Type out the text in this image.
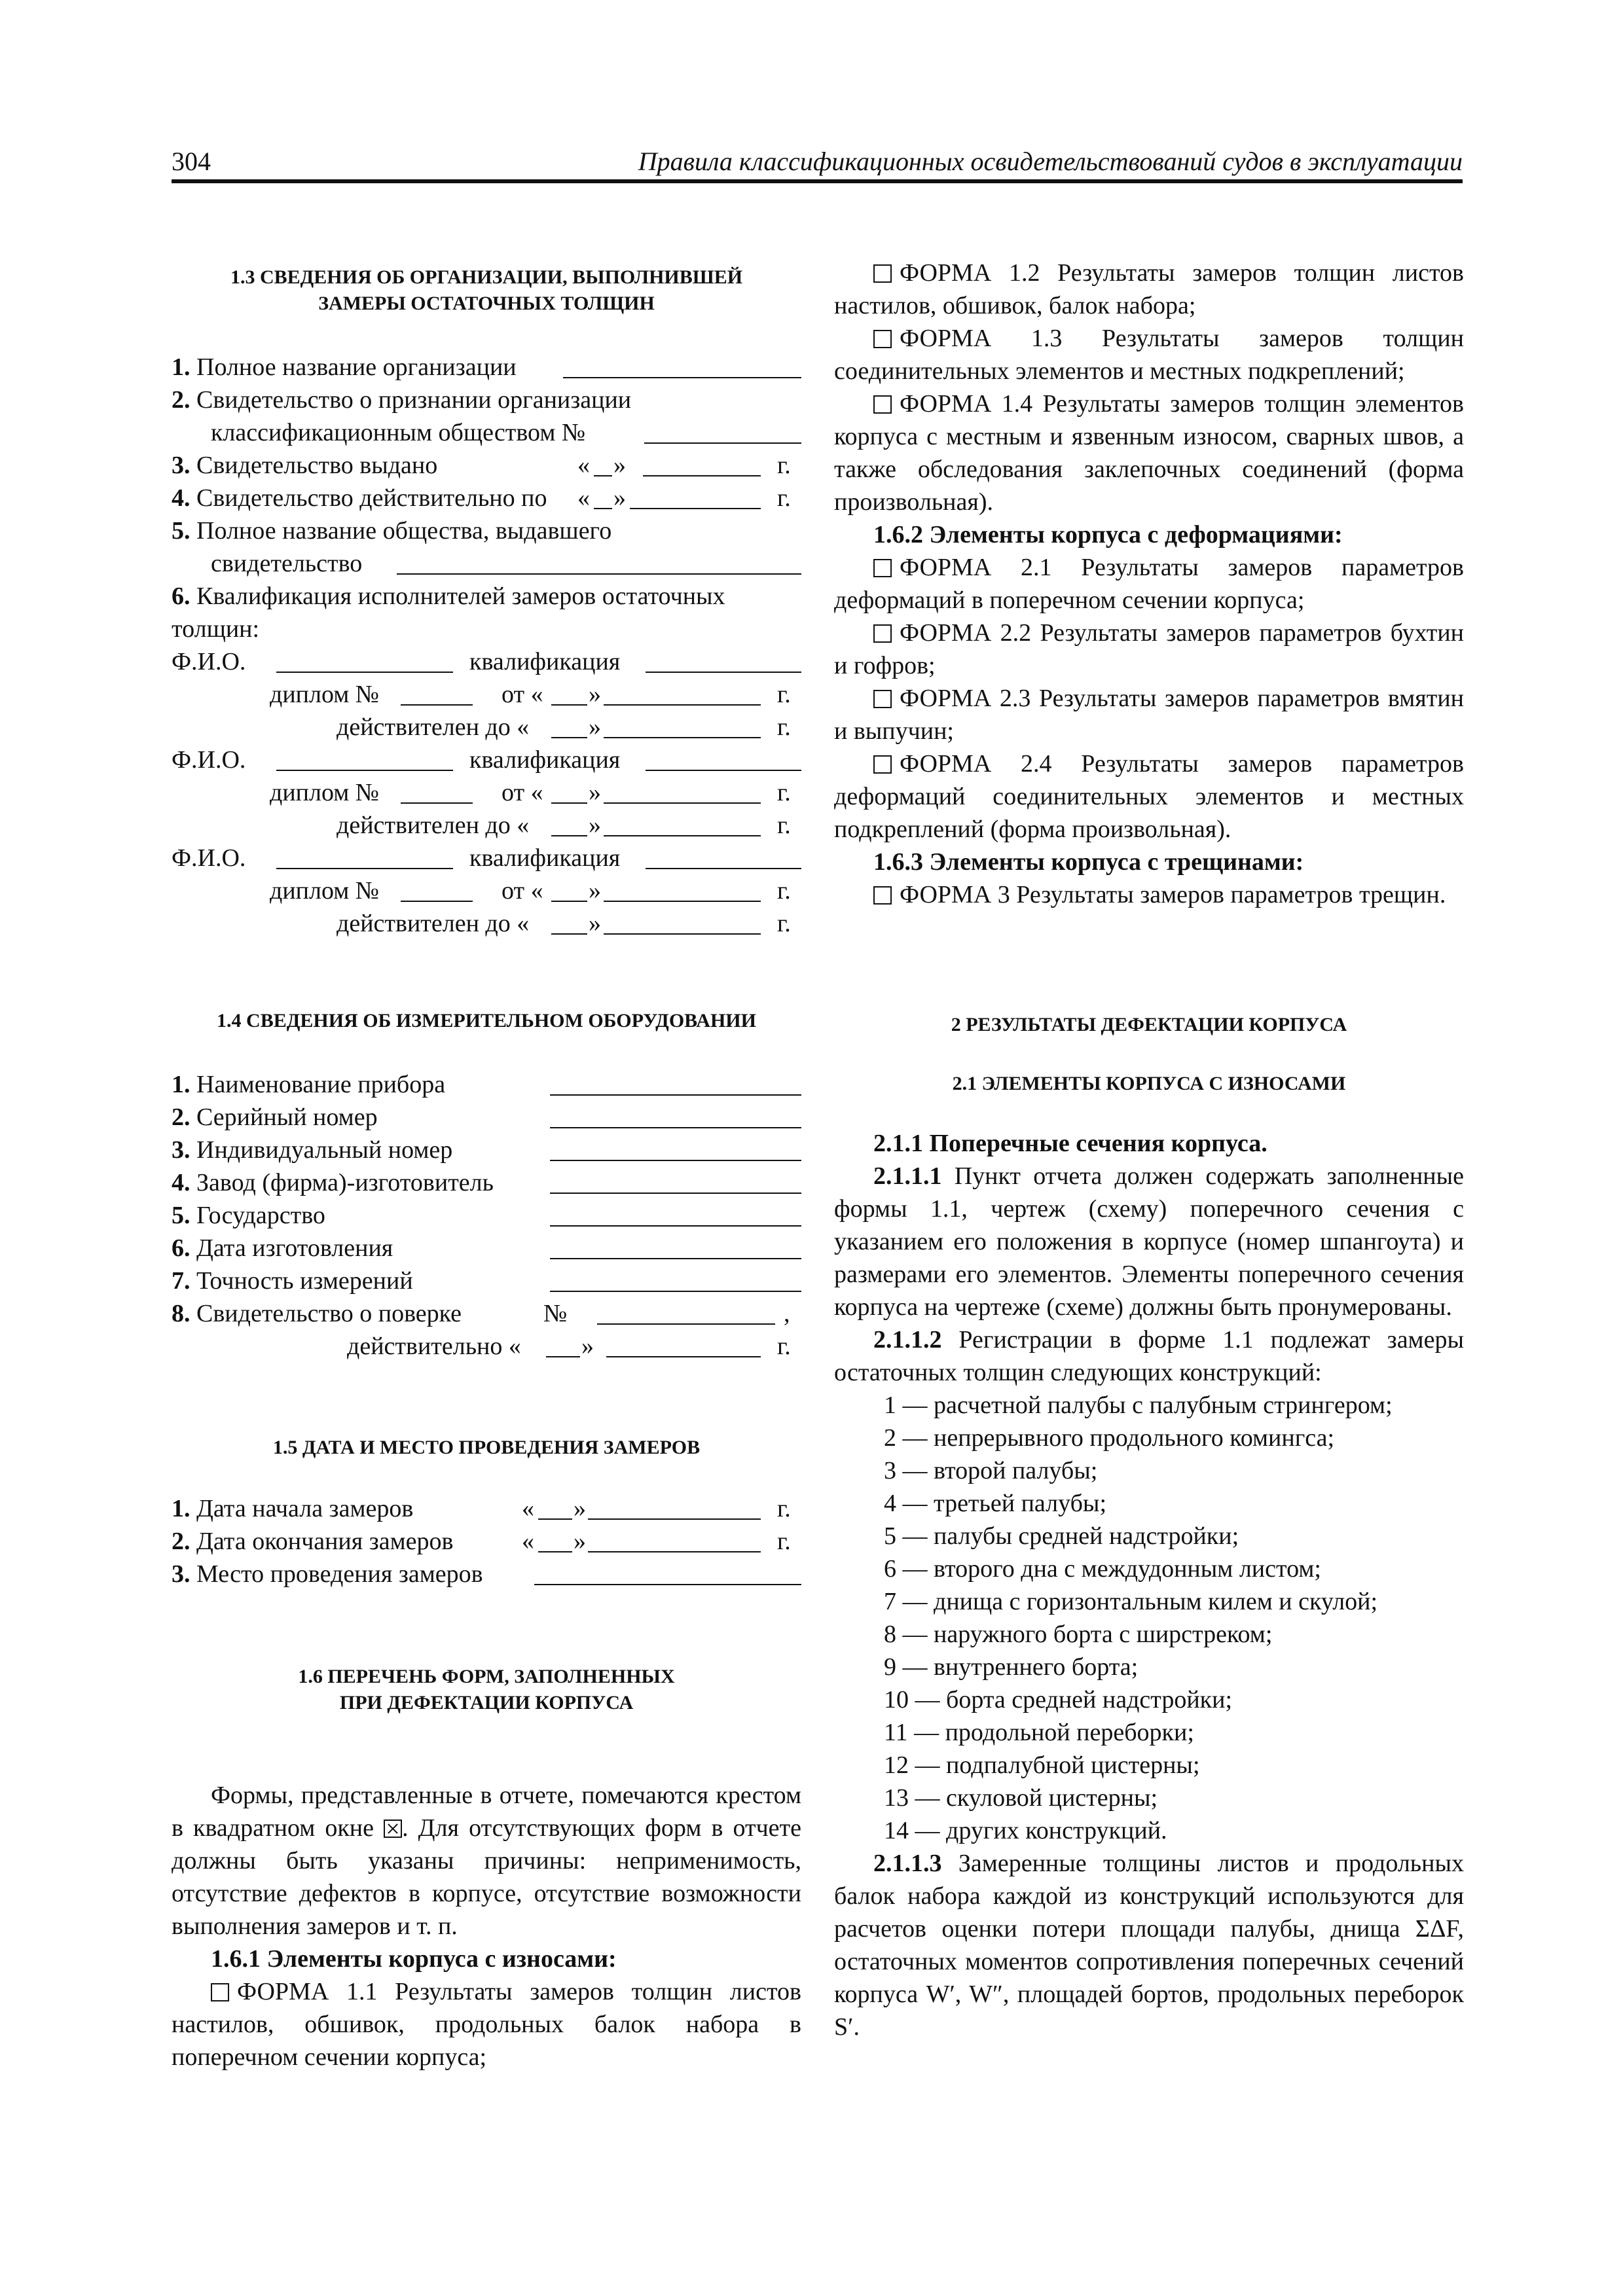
304	Правила классификационных освидетельствований судов в эксплуатации
1.3 СВЕДЕНИЯ ОБ ОРГАНИЗАЦИИ, ВЫПОЛНИВШЕЙ
ЗАМЕРЫ ОСТАТОЧНЫХ ТОЛЩИН
1. Полное название организации
2. Свидетельство о признании организации
классификационным обществом №
3. Свидетельство выдано	« »	г.
4. Свидетельство действительно по « »	г.
5. Полное название общества, выдавшего
свидетельство
6. Квалификация исполнителей замеров остаточных
толщин:
Ф.И.О.	квалификация
диплом №	от « »	г.
действителен до « »	г.
Ф.И.О.	квалификация
диплом №	от « »	г.
действителен до « »	г.
Ф.И.О.	квалификация
диплом №	от « »	г.
действителен до « »	г.
1.4 СВЕДЕНИЯ ОБ ИЗМЕРИТЕЛЬНОМ ОБОРУДОВАНИИ
1. Наименование прибора
2. Серийный номер
3. Индивидуальный номер
4. Завод (фирма)-изготовитель
5. Государство
6. Дата изготовления
7. Точность измерений
8. Свидетельство о поверке	№	,
действительно « »	г.
1.5 ДАТА И МЕСТО ПРОВЕДЕНИЯ ЗАМЕРОВ
1. Дата начала замеров	« »	г.
2. Дата окончания замеров	« »	г.
3. Место проведения замеров
1.6 ПЕРЕЧЕНЬ ФОРМ, ЗАПОЛНЕННЫХ
ПРИ ДЕФЕКТАЦИИ КОРПУСА

Формы, представленные в отчете, помечаются крестом в квадратном окне . Для отсутствующих форм в отчете должны быть указаны причины: неприменимость, отсутствие дефектов в корпусе, отсутствие возможности выполнения замеров и т. п.

1.6.1 Элементы корпуса с износами:

ФОРМА 1.1 Результаты замеров толщин листов настилов, обшивок, продольных балок набора в поперечном сечении корпуса;

ФОРМА 1.2 Результаты замеров толщин листов настилов, обшивок, балок набора;

ФОРМА 1.3 Результаты замеров толщин соединительных элементов и местных подкреплений;

ФОРМА 1.4 Результаты замеров толщин элементов корпуса с местным и язвенным износом, сварных швов, а также обследования заклепочных соединений (форма произвольная).

1.6.2 Элементы корпуса с деформациями:

ФОРМА 2.1 Результаты замеров параметров деформаций в поперечном сечении корпуса;

ФОРМА 2.2 Результаты замеров параметров бухтин и гофров;

ФОРМА 2.3 Результаты замеров параметров вмятин и выпучин;

ФОРМА 2.4 Результаты замеров параметров деформаций соединительных элементов и местных подкреплений (форма произвольная).

1.6.3 Элементы корпуса с трещинами:

ФОРМА 3 Результаты замеров параметров трещин.

2 РЕЗУЛЬТАТЫ ДЕФЕКТАЦИИ КОРПУСА
2.1 ЭЛЕМЕНТЫ КОРПУСА С ИЗНОСАМИ

2.1.1 Поперечные сечения корпуса.

2.1.1.1 Пункт отчета должен содержать заполненные формы 1.1, чертеж (схему) поперечного сечения с указанием его положения в корпусе (номер шпангоута) и размерами его элементов. Элементы поперечного сечения корпуса на чертеже (схеме) должны быть пронумерованы.

2.1.1.2 Регистрации в форме 1.1 подлежат замеры остаточных толщин следующих конструкций:

1 — расчетной палубы с палубным стрингером;
2 — непрерывного продольного комингса;
3 — второй палубы;
4 — третьей палубы;
5 — палубы средней надстройки;
6 — второго дна с междудонным листом;
7 — днища с горизонтальным килем и скулой;
8 — наружного борта с ширстреком;
9 — внутреннего борта;
10 — борта средней надстройки;
11 — продольной переборки;
12 — подпалубной цистерны;
13 — скуловой цистерны;
14 — других конструкций.

2.1.1.3 Замеренные толщины листов и продольных балок набора каждой из конструкций используются для расчетов оценки потери площади палубы, днища ΣΔF, остаточных моментов сопротивления поперечных сечений корпуса W′, W″, площадей бортов, продольных переборок S′.
